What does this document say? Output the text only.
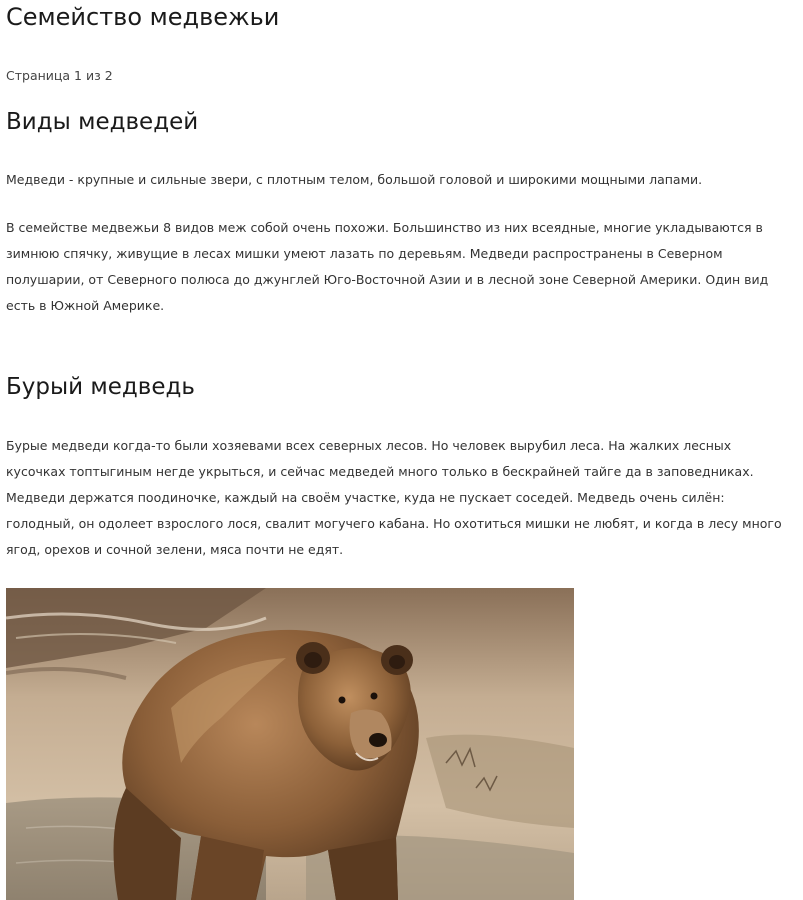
Семейство медвежьи

Страница 1 из 2

Виды медведей

Медведи - крупные и сильные звери, с плотным телом, большой головой и широкими мощными лапами.

В семействе медвежьи 8 видов меж собой очень похожи. Большинство из них всеядные, многие укладываются в зимнюю спячку, живущие в лесах мишки умеют лазать по деревьям. Медведи распространены в Северном полушарии, от Северного полюса до джунглей Юго-Восточной Азии и в лесной зоне Северной Америки. Один вид есть в Южной Америке.

Бурый медведь

Бурые медведи когда-то были хозяевами всех северных лесов. Но человек вырубил леса. На жалких лесных кусочках топтыгиным негде укрыться, и сейчас медведей много только в бескрайней тайге да в заповедниках. Медведи держатся поодиночке, каждый на своём участке, куда не пускает соседей. Медведь очень силён: голодный, он одолеет взрослого лося, свалит могучего кабана. Но охотиться мишки не любят, и когда в лесу много ягод, орехов и сочной зелени, мяса почти не едят.
